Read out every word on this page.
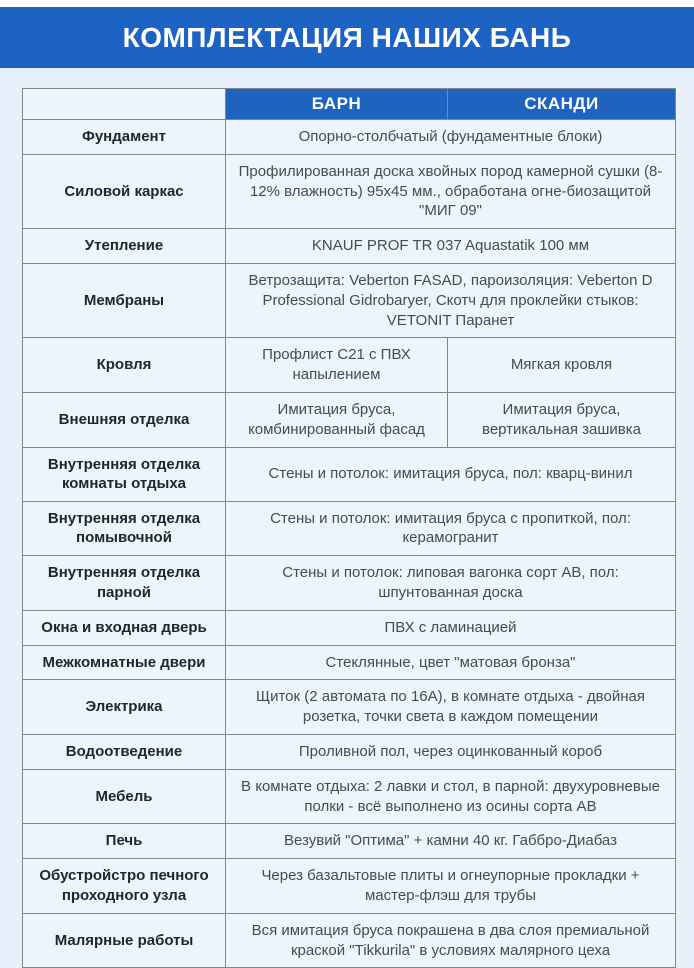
КОМПЛЕКТАЦИЯ НАШИХ БАНЬ
	БАРН	СКАНДИ
Фундамент	Опорно-столбчатый (фундаментные блоки)	
Силовой каркас	Профилированная доска хвойных пород камерной сушки (8-12% влажность) 95х45 мм., обработана огне-биозащитой "МИГ 09"	
Утепление	KNAUF PROF TR 037 Aquastatik 100 мм	
Мембраны	Ветрозащита: Veberton FASAD, пароизоляция: Veberton D Professional Gidrobaryer, Скотч для проклейки стыков: VETONIT Паранет	
Кровля	Профлист С21 с ПВХ напылением	Мягкая кровля
Внешняя отделка	Имитация бруса, комбинированный фасад	Имитация бруса, вертикальная зашивка
Внутренняя отделка комнаты отдыха	Стены и потолок: имитация бруса, пол: кварц-винил	
Внутренняя отделка помывочной	Стены и потолок: имитация бруса с пропиткой, пол: керамогранит	
Внутренняя отделка парной	Стены и потолок: липовая вагонка сорт АВ, пол: шпунтованная доска	
Окна и входная дверь	ПВХ с ламинацией	
Межкомнатные двери	Стеклянные, цвет "матовая бронза"	
Электрика	Щиток (2 автомата по 16А), в комнате отдыха - двойная розетка, точки света в каждом помещении	
Водоотведение	Проливной пол, через оцинкованный короб	
Мебель	В комнате отдыха: 2 лавки и стол, в парной: двухуровневые полки - всё выполнено из осины сорта АВ	
Печь	Везувий "Оптима" + камни 40 кг. Габбро-Диабаз	
Обустройстро печного проходного узла	Через базальтовые плиты и огнеупорные прокладки + мастер-флэш для трубы	
Малярные работы	Вся имитация бруса покрашена в два слоя премиальной краской "Tikkurila" в условиях малярного цеха	
